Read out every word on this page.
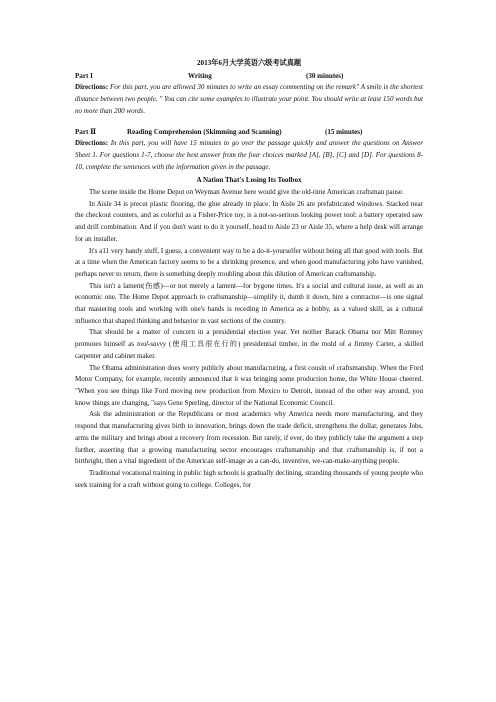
2013年6月大学英语六级考试真题
Part I	Writing	(30 minutes)

Directions: For this part, you are allowed 30 minutes to write an essay commenting on the remark" A smile is the shortest distance between two people. " You can cite some examples to illustrate your point. You should write at least 150 words but no more than 200 words.

Part Ⅱ	Reading Comprehension (Skimming and Scanning)	(15 minutes)

Directions: In this part, you will have 15 minutes to go over the passage quickly and answer the questions on Answer Sheet 1. For questions 1-7, choose the best answer from the four choices marked [A], [B], [C] and [D]. For questions 8-10, complete the sentences with the information given in the passage.

A Nation That's Losing Its Toolbox

The scene inside the Home Depot on Weyman Avenue here would give the old-time American craftsman pause.

In Aisle 34 is precut plastic flooring, the glue already in place. In Aisle 26 are prefabricated windows. Stacked near the checkout counters, and as colorful as a Fisher-Price toy, is a not-so-serious looking power tool: a battery operated saw and drill combination. And if you don't want to do it yourself, head to Aisle 23 or Aisle 35, where a help desk will arrange for an installer.

It's a11 very handy stuff, I guess, a convenient way to be a do-it-yourselfer without being all that good with tools. But at a time when the American factory seems to be a shrinking presence, and when good manufacturing jobs have vanished, perhaps never to return, there is something deeply troubling about this dilution of American craftsmanship.

This isn't a lament(伤感)—or not merely a lament—for bygone times. It's a social and cultural issue, as well as an economic one. The Home Depot approach to craftsmanship—simplify it, dumb it down, hire a contractor—is one signal that mastering tools and working with one's hands is receding in America as a hobby, as a valued skill, as a cultural influence that shaped thinking and behavior in vast sections of the country.

That should be a matter of concern in a presidential election year. Yet neither Barack Obama nor Mitt Romney promotes himself as tool-savvy (使用工具很在行的) presidential timber, in the mold of a Jimmy Carter, a skilled carpenter and cabinet maker.

The Obama administration does worry publicly about manufacturing, a first cousin of craftsmanship. When the Ford Motor Company, for example, recently announced that it was bringing some production home, the White House cheered. "When you see things like Ford moving new production from Mexico to Detroit, instead of the other way around, you know things are changing, "says Gene Sperling, director of the National Economic Council.

Ask the administration or the Republicans or most academics why America needs more manufacturing, and they respond that manufacturing gives birth to innovation, brings down the trade deficit, strengthens the dollar, generates Jobs, arms the military and brings about a recovery from recession. But rarely, if ever, do they publicly take the argument a step further, asserting that a growing manufacturing sector encourages craftsmanship and that craftsmanship is, if not a birthright, then a vital ingredient of the American self-image as a can-do, inventive, we-can-make-anything people.

Traditional vocational training in public high schools is gradually declining, stranding thousands of young people who seek training for a craft without going to college. Colleges, for
